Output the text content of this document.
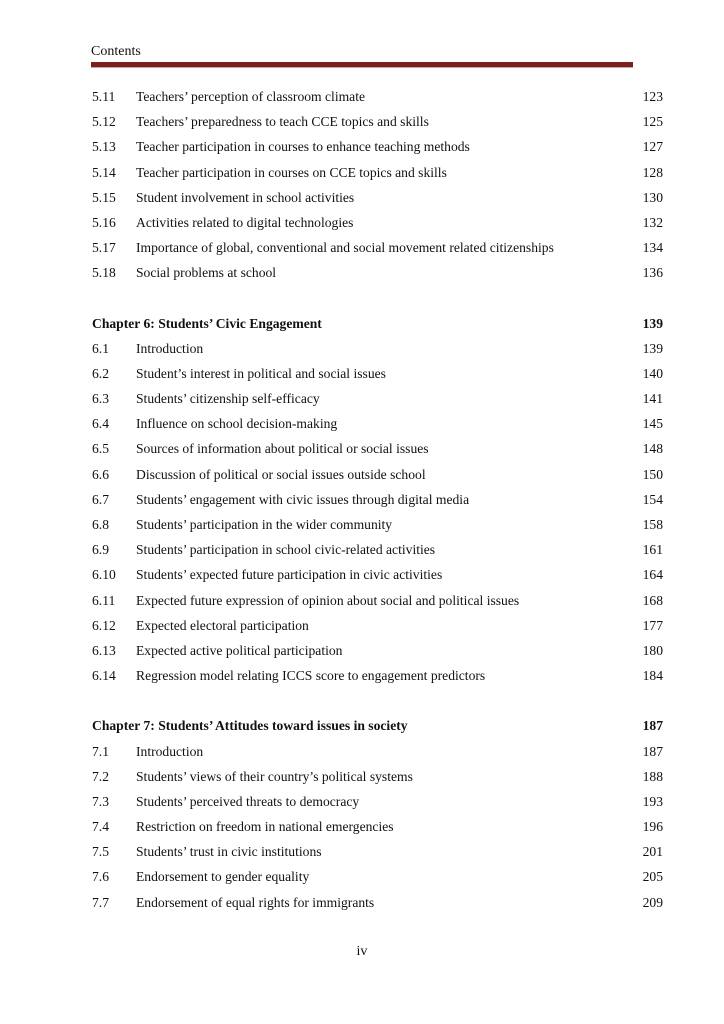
Contents
5.11	Teachers’ perception of classroom climate	123
5.12	Teachers’ preparedness to teach CCE topics and skills	125
5.13	Teacher participation in courses to enhance teaching methods	127
5.14	Teacher participation in courses on CCE topics and skills	128
5.15	Student involvement in school activities	130
5.16	Activities related to digital technologies	132
5.17	Importance of global, conventional and social movement related citizenships	134
5.18	Social problems at school	136
Chapter 6: Students’ Civic Engagement	139
6.1	Introduction	139
6.2	Student’s interest in political and social issues	140
6.3	Students’ citizenship self-efficacy	141
6.4	Influence on school decision-making	145
6.5	Sources of information about political or social issues	148
6.6	Discussion of political or social issues outside school	150
6.7	Students’ engagement with civic issues through digital media	154
6.8	Students’ participation in the wider community	158
6.9	Students’ participation in school civic-related activities	161
6.10	Students’ expected future participation in civic activities	164
6.11	Expected future expression of opinion about social and political issues	168
6.12	Expected electoral participation	177
6.13	Expected active political participation	180
6.14	Regression model relating ICCS score to engagement predictors	184
Chapter 7: Students’ Attitudes toward issues in society	187
7.1	Introduction	187
7.2	Students’ views of their country’s political systems	188
7.3	Students’ perceived threats to democracy	193
7.4	Restriction on freedom in national emergencies	196
7.5	Students’ trust in civic institutions	201
7.6	Endorsement to gender equality	205
7.7	Endorsement of equal rights for immigrants	209
iv
